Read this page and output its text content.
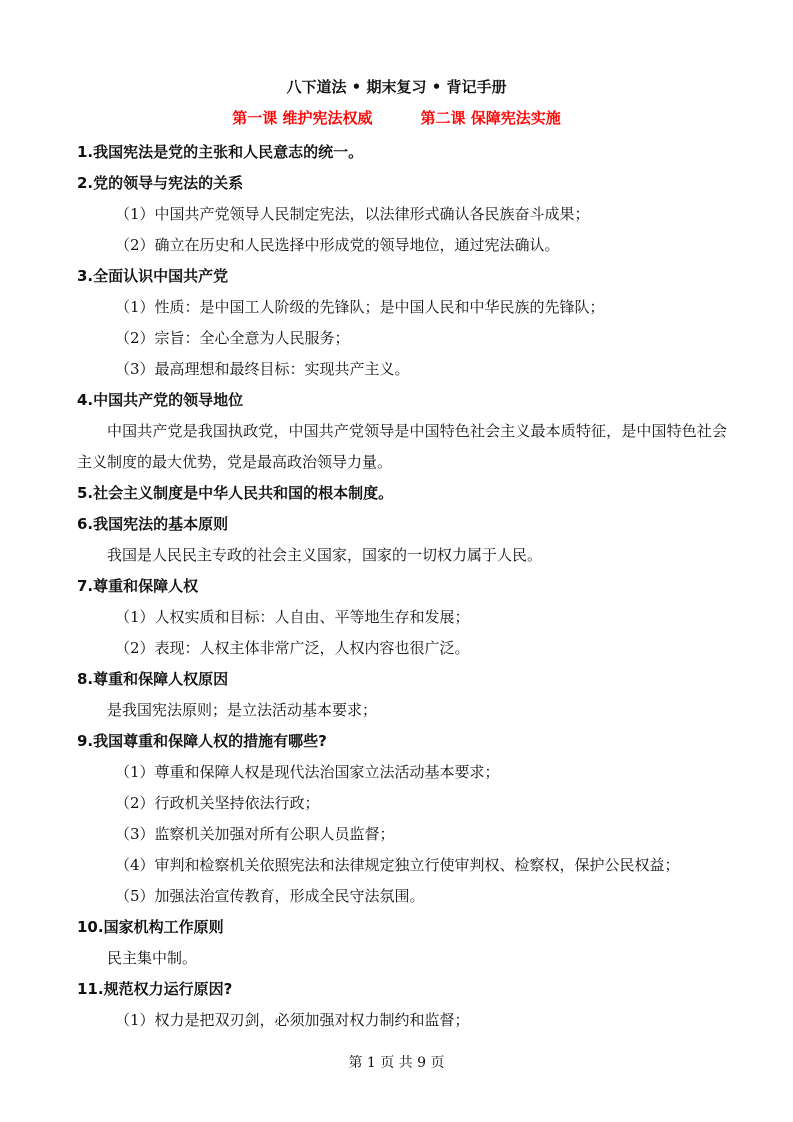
八下道法 • 期末复习 • 背记手册
第一课 维护宪法权威	第二课 保障宪法实施
1.我国宪法是党的主张和人民意志的统一。
2.党的领导与宪法的关系
（1）中国共产党领导人民制定宪法，以法律形式确认各民族奋斗成果；
（2）确立在历史和人民选择中形成党的领导地位，通过宪法确认。
3.全面认识中国共产党
（1）性质：是中国工人阶级的先锋队；是中国人民和中华民族的先锋队；
（2）宗旨：全心全意为人民服务；
（3）最高理想和最终目标：实现共产主义。
4.中国共产党的领导地位
中国共产党是我国执政党，中国共产党领导是中国特色社会主义最本质特征，是中国特色社会主义制度的最大优势，党是最高政治领导力量。
5.社会主义制度是中华人民共和国的根本制度。
6.我国宪法的基本原则
我国是人民民主专政的社会主义国家，国家的一切权力属于人民。
7.尊重和保障人权
（1）人权实质和目标：人自由、平等地生存和发展；
（2）表现：人权主体非常广泛，人权内容也很广泛。
8.尊重和保障人权原因
是我国宪法原则；是立法活动基本要求；
9.我国尊重和保障人权的措施有哪些?
（1）尊重和保障人权是现代法治国家立法活动基本要求；
（2）行政机关坚持依法行政；
（3）监察机关加强对所有公职人员监督；
（4）审判和检察机关依照宪法和法律规定独立行使审判权、检察权，保护公民权益；
（5）加强法治宣传教育，形成全民守法氛围。
10.国家机构工作原则
民主集中制。
11.规范权力运行原因?
（1）权力是把双刃剑，必须加强对权力制约和监督；
第 1 页 共 9 页
